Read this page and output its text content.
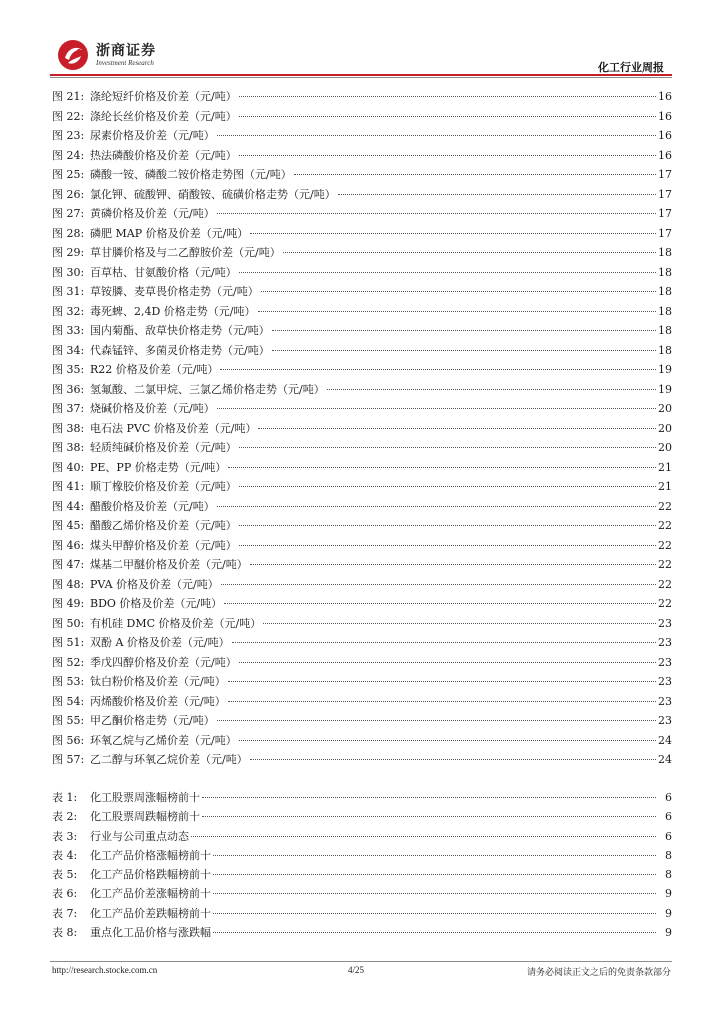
浙商证券
Investment Research	化工行业周报
图 21: 涤纶短纤价格及价差（元/吨）	16
图 22: 涤纶长丝价格及价差（元/吨）	16
图 23: 尿素价格及价差（元/吨）	16
图 24: 热法磷酸价格及价差（元/吨）	16
图 25: 磷酸一铵、磷酸二铵价格走势图（元/吨）	17
图 26: 氯化钾、硫酸钾、硝酸铵、硫磺价格走势（元/吨）	17
图 27: 黄磷价格及价差（元/吨）	17
图 28: 磷肥 MAP 价格及价差（元/吨）	17
图 29: 草甘膦价格及与二乙醇胺价差（元/吨）	18
图 30: 百草枯、甘氨酸价格（元/吨）	18
图 31: 草铵膦、麦草畏价格走势（元/吨）	18
图 32: 毒死蜱、2,4D 价格走势（元/吨）	18
图 33: 国内菊酯、敌草快价格走势（元/吨）	18
图 34: 代森锰锌、多菌灵价格走势（元/吨）	18
图 35: R22 价格及价差（元/吨）	19
图 36: 氢氟酸、二氯甲烷、三氯乙烯价格走势（元/吨）	19
图 37: 烧碱价格及价差（元/吨）	20
图 38: 电石法 PVC 价格及价差（元/吨）	20
图 38: 轻质纯碱价格及价差（元/吨）	20
图 40: PE、PP 价格走势（元/吨）	21
图 41: 顺丁橡胶价格及价差（元/吨）	21
图 44: 醋酸价格及价差（元/吨）	22
图 45: 醋酸乙烯价格及价差（元/吨）	22
图 46: 煤头甲醇价格及价差（元/吨）	22
图 47: 煤基二甲醚价格及价差（元/吨）	22
图 48: PVA 价格及价差（元/吨）	22
图 49: BDO 价格及价差（元/吨）	22
图 50: 有机硅 DMC 价格及价差（元/吨）	23
图 51: 双酚 A 价格及价差（元/吨）	23
图 52: 季戊四醇价格及价差（元/吨）	23
图 53: 钛白粉价格及价差（元/吨）	23
图 54: 丙烯酸价格及价差（元/吨）	23
图 55: 甲乙酮价格走势（元/吨）	23
图 56: 环氧乙烷与乙烯价差（元/吨）	24
图 57: 乙二醇与环氧乙烷价差（元/吨）	24
表 1:	化工股票周涨幅榜前十	6
表 2:	化工股票周跌幅榜前十	6
表 3:	行业与公司重点动态	6
表 4:	化工产品价格涨幅榜前十	8
表 5:	化工产品价格跌幅榜前十	8
表 6:	化工产品价差涨幅榜前十	9
表 7:	化工产品价差跌幅榜前十	9
表 8:	重点化工品价格与涨跌幅	9
http://research.stocke.com.cn	4/25	请务必阅读正文之后的免责条款部分
